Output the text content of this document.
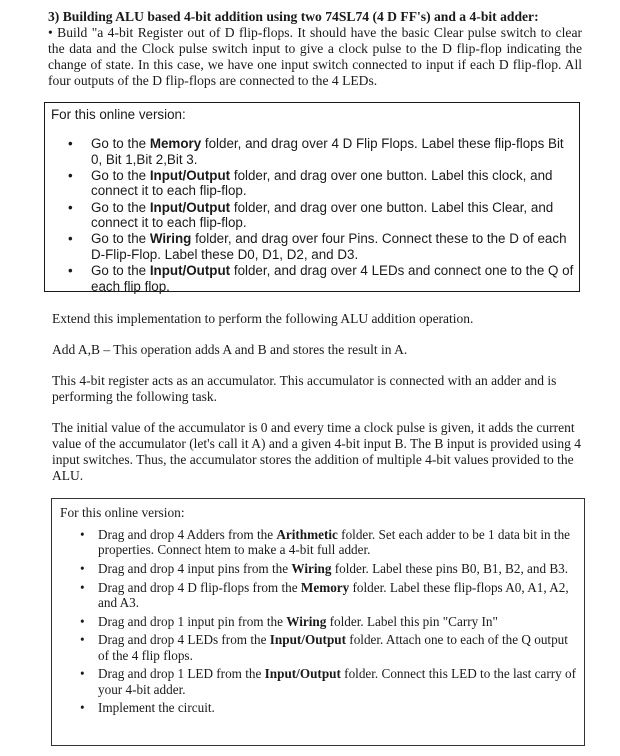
3) Building ALU based 4-bit addition using two 74SL74 (4 D FF's) and a 4-bit adder:
• Build "a 4-bit Register out of D flip-flops. It should have the basic Clear pulse switch to clear the data and the Clock pulse switch input to give a clock pulse to the D flip-flop indicating the change of state. In this case, we have one input switch connected to input if each D flip-flop. All four outputs of the D flip-flops are connected to the 4 LEDs.

For this online version:

• Go to the Memory folder, and drag over 4 D Flip Flops. Label these flip-flops Bit 0, Bit 1,Bit 2,Bit 3.
• Go to the Input/Output folder, and drag over one button. Label this clock, and connect it to each flip-flop.
• Go to the Input/Output folder, and drag over one button. Label this Clear, and connect it to each flip-flop.
• Go to the Wiring folder, and drag over four Pins. Connect these to the D of each D-Flip-Flop. Label these D0, D1, D2, and D3.
• Go to the Input/Output folder, and drag over 4 LEDs and connect one to the Q of each flip flop.

Extend this implementation to perform the following ALU addition operation.

Add A,B – This operation adds A and B and stores the result in A.

This 4-bit register acts as an accumulator. This accumulator is connected with an adder and is performing the following task.

The initial value of the accumulator is 0 and every time a clock pulse is given, it adds the current value of the accumulator (let's call it A) and a given 4-bit input B. The B input is provided using 4 input switches. Thus, the accumulator stores the addition of multiple 4-bit values provided to the ALU.

For this online version:

• Drag and drop 4 Adders from the Arithmetic folder. Set each adder to be 1 data bit in the properties. Connect htem to make a 4-bit full adder.
• Drag and drop 4 input pins from the Wiring folder. Label these pins B0, B1, B2, and B3.
• Drag and drop 4 D flip-flops from the Memory folder. Label these flip-flops A0, A1, A2, and A3.
• Drag and drop 1 input pin from the Wiring folder. Label this pin "Carry In"
• Drag and drop 4 LEDs from the Input/Output folder. Attach one to each of the Q output of the 4 flip flops.
• Drag and drop 1 LED from the Input/Output folder. Connect this LED to the last carry of your 4-bit adder.
• Implement the circuit.
